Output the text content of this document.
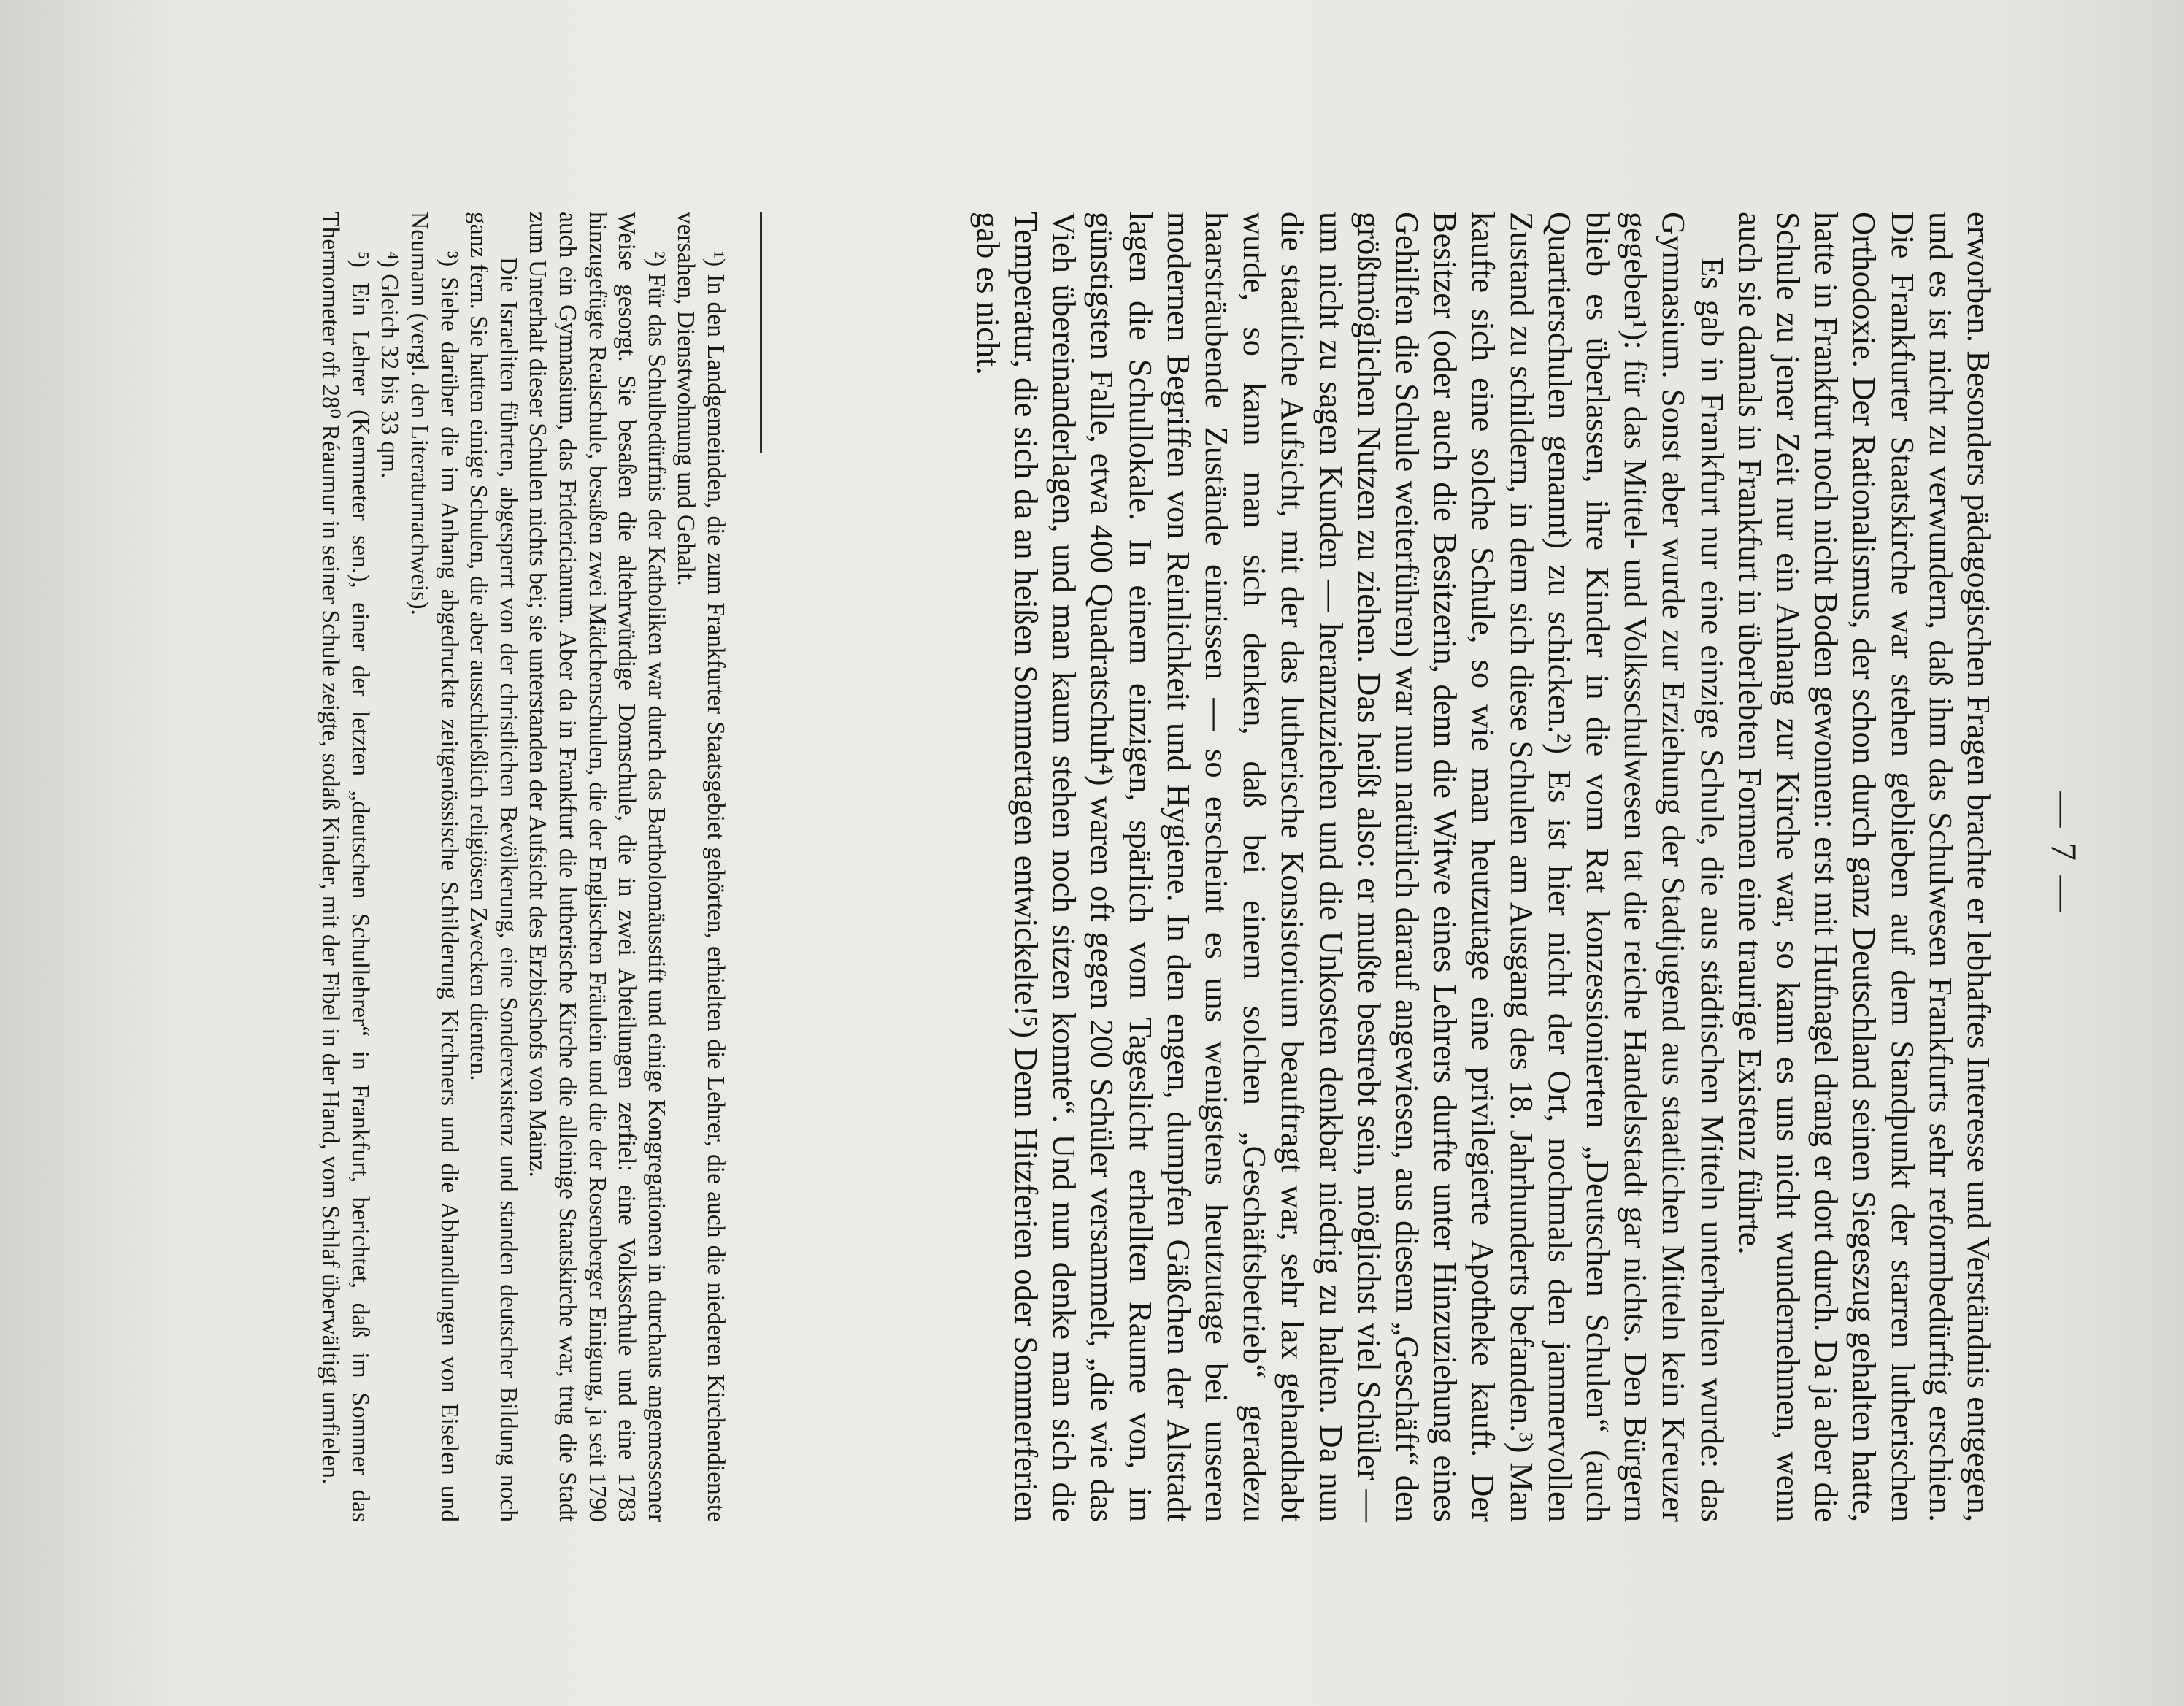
— 7 —

erworben. Besonders pädagogischen Fragen brachte er lebhaftes Interesse und Verständnis entgegen, und es ist nicht zu verwundern, daß ihm das Schulwesen Frankfurts sehr reformbedürftig erschien. Die Frankfurter Staatskirche war stehen geblieben auf dem Standpunkt der starren lutherischen Orthodoxie. Der Rationalismus, der schon durch ganz Deutschland seinen Siegeszug gehalten hatte, hatte in Frankfurt noch nicht Boden gewonnen: erst mit Hufnagel drang er dort durch. Da ja aber die Schule zu jener Zeit nur ein Anhang zur Kirche war, so kann es uns nicht wundernehmen, wenn auch sie damals in Frankfurt in überlebten Formen eine traurige Existenz führte.

Es gab in Frankfurt nur eine einzige Schule, die aus städtischen Mitteln unterhalten wurde: das Gymnasium. Sonst aber wurde zur Erziehung der Stadtjugend aus staatlichen Mitteln kein Kreuzer gegeben¹): für das Mittel- und Volksschulwesen tat die reiche Handelsstadt gar nichts. Den Bürgern blieb es überlassen, ihre Kinder in die vom Rat konzessionierten „Deutschen Schulen“ (auch Quartierschulen genannt) zu schicken.²) Es ist hier nicht der Ort, nochmals den jammervollen Zustand zu schildern, in dem sich diese Schulen am Ausgang des 18. Jahrhunderts befanden.³) Man kaufte sich eine solche Schule, so wie man heutzutage eine privilegierte Apotheke kauft. Der Besitzer (oder auch die Besitzerin, denn die Witwe eines Lehrers durfte unter Hinzuziehung eines Gehilfen die Schule weiterführen) war nun natürlich darauf angewiesen, aus diesem „Geschäft“ den größtmöglichen Nutzen zu ziehen. Das heißt also: er mußte bestrebt sein, möglichst viel Schüler — um nicht zu sagen Kunden — heranzuziehen und die Unkosten denkbar niedrig zu halten. Da nun die staatliche Aufsicht, mit der das lutherische Konsistorium beauftragt war, sehr lax gehandhabt wurde, so kann man sich denken, daß bei einem solchen „Geschäftsbetrieb“ geradezu haarsträubende Zustände einrissen — so erscheint es uns wenigstens heutzutage bei unseren modernen Begriffen von Reinlichkeit und Hygiene. In den engen, dumpfen Gäßchen der Altstadt lagen die Schullokale. In einem einzigen, spärlich vom Tageslicht erhellten Raume von, im günstigsten Falle, etwa 400 Quadratschuh⁴) waren oft gegen 200 Schüler versammelt, „die wie das Vieh übereinanderlagen, und man kaum stehen noch sitzen konnte“. Und nun denke man sich die Temperatur, die sich da an heißen Sommertagen entwickelte!⁵) Denn Hitzferien oder Sommerferien gab es nicht.

¹) In den Landgemeinden, die zum Frankfurter Staatsgebiet gehörten, erhielten die Lehrer, die auch die niederen Kirchendienste versahen, Dienstwohnung und Gehalt.

²) Für das Schulbedürfnis der Katholiken war durch das Bartholomäusstift und einige Kongregationen in durchaus angemessener Weise gesorgt. Sie besaßen die altehrwürdige Domschule, die in zwei Abteilungen zerfiel: eine Volksschule und eine 1783 hinzugefügte Realschule, besaßen zwei Mädchenschulen, die der Englischen Fräulein und die der Rosenberger Einigung, ja seit 1790 auch ein Gymnasium, das Fridericianum. Aber da in Frankfurt die lutherische Kirche die alleinige Staatskirche war, trug die Stadt zum Unterhalt dieser Schulen nichts bei; sie unterstanden der Aufsicht des Erzbischofs von Mainz.

Die Israeliten führten, abgesperrt von der christlichen Bevölkerung, eine Sonderexistenz und standen deutscher Bildung noch ganz fern. Sie hatten einige Schulen, die aber ausschließlich religiösen Zwecken dienten.

³) Siehe darüber die im Anhang abgedruckte zeitgenössische Schilderung Kirchners und die Abhandlungen von Eiselen und Neumann (vergl. den Literaturnachweis).

⁴) Gleich 32 bis 33 qm.

⁵) Ein Lehrer (Kemmeter sen.), einer der letzten „deutschen Schullehrer“ in Frankfurt, berichtet, daß im Sommer das Thermometer oft 28⁰ Réaumur in seiner Schule zeigte, sodaß Kinder, mit der Fibel in der Hand, vom Schlaf überwältigt umfielen.
